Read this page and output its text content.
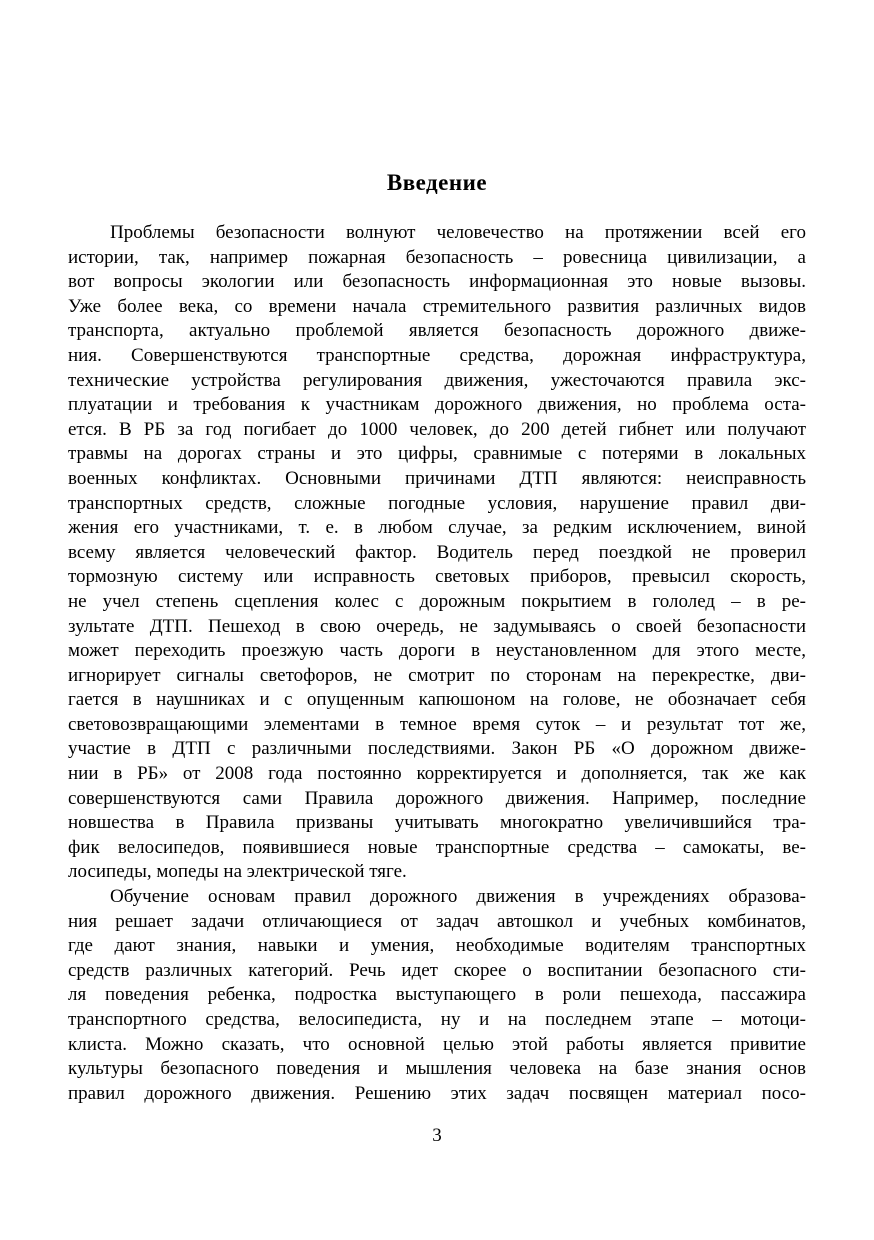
Введение
Проблемы безопасности волнуют человечество на протяжении всей его
истории, так, например пожарная безопасность – ровесница цивилизации, а
вот вопросы экологии или безопасность информационная это новые вызовы.
Уже более века, со времени начала стремительного развития различных видов
транспорта, актуально проблемой является безопасность дорожного движе-
ния. Совершенствуются транспортные средства, дорожная инфраструктура,
технические устройства регулирования движения, ужесточаются правила экс-
плуатации и требования к участникам дорожного движения, но проблема оста-
ется. В РБ за год погибает до 1000 человек, до 200 детей гибнет или получают
травмы на дорогах страны и это цифры, сравнимые с потерями в локальных
военных конфликтах. Основными причинами ДТП являются: неисправность
транспортных средств, сложные погодные условия, нарушение правил дви-
жения его участниками, т. е. в любом случае, за редким исключением, виной
всему является человеческий фактор. Водитель перед поездкой не проверил
тормозную систему или исправность световых приборов, превысил скорость,
не учел степень сцепления колес с дорожным покрытием в гололед – в ре-
зультате ДТП. Пешеход в свою очередь, не задумываясь о своей безопасности
может переходить проезжую часть дороги в неустановленном для этого месте,
игнорирует сигналы светофоров, не смотрит по сторонам на перекрестке, дви-
гается в наушниках и с опущенным капюшоном на голове, не обозначает себя
световозвращающими элементами в темное время суток – и результат тот же,
участие в ДТП с различными последствиями. Закон РБ «О дорожном движе-
нии в РБ» от 2008 года постоянно корректируется и дополняется, так же как
совершенствуются сами Правила дорожного движения. Например, последние
новшества в Правила призваны учитывать многократно увеличившийся тра-
фик велосипедов, появившиеся новые транспортные средства – самокаты, ве-
лосипеды, мопеды на электрической тяге.
Обучение основам правил дорожного движения в учреждениях образова-
ния решает задачи отличающиеся от задач автошкол и учебных комбинатов,
где дают знания, навыки и умения, необходимые водителям транспортных
средств различных категорий. Речь идет скорее о воспитании безопасного сти-
ля поведения ребенка, подростка выступающего в роли пешехода, пассажира
транспортного средства, велосипедиста, ну и на последнем этапе – мотоци-
клиста. Можно сказать, что основной целью этой работы является привитие
культуры безопасного поведения и мышления человека на базе знания основ
правил дорожного движения. Решению этих задач посвящен материал посо-
3
